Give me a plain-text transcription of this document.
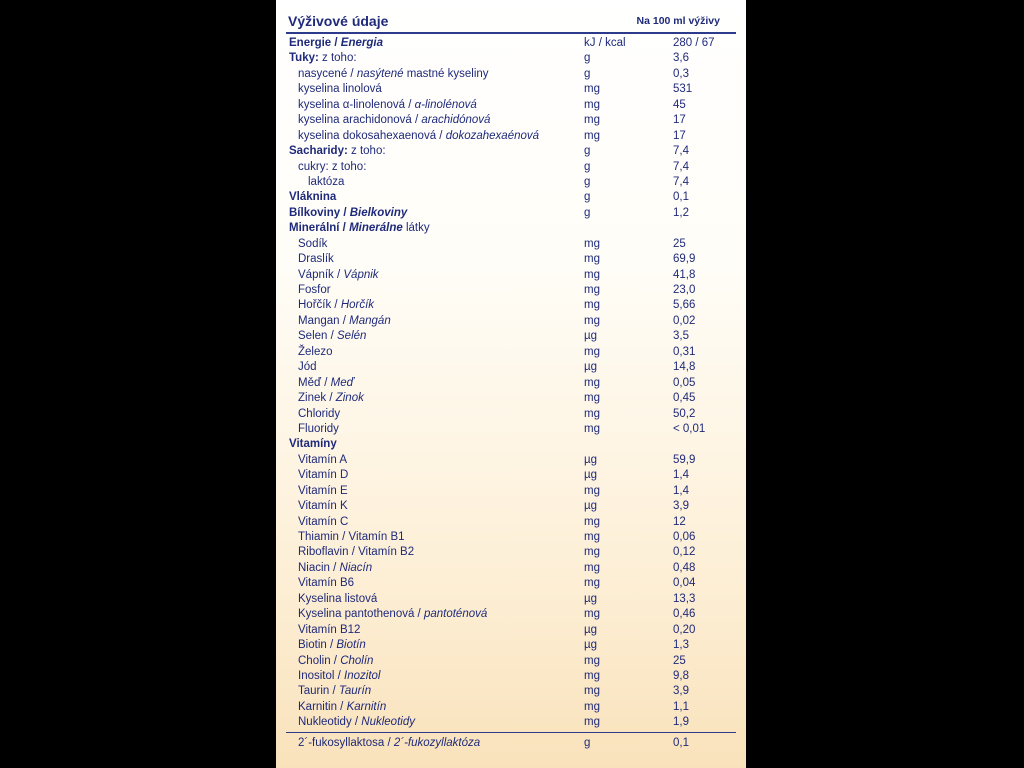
Výživové údaje	Na 100 ml výživy
Energie / Energia	kJ / kcal	280 / 67
Tuky: z toho:	g	3,6
nasycené / nasýtené mastné kyseliny	g	0,3
kyselina linolová	mg	531
kyselina α-linolenová / α-linolénová	mg	45
kyselina arachidonová / arachidónová	mg	17
kyselina dokosahexaenová / dokozahexaénová	mg	17
Sacharidy: z toho:	g	7,4
cukry: z toho:	g	7,4
laktóza	g	7,4
Vláknina	g	0,1
Bílkoviny / Bielkoviny	g	1,2
Minerální / Minerálne látky
Sodík	mg	25
Draslík	mg	69,9
Vápník / Vápnik	mg	41,8
Fosfor	mg	23,0
Hořčík / Horčík	mg	5,66
Mangan / Mangán	mg	0,02
Selen / Selén	µg	3,5
Železo	mg	0,31
Jód	µg	14,8
Měď / Meď	mg	0,05
Zinek / Zinok	mg	0,45
Chloridy	mg	50,2
Fluoridy	mg	< 0,01
Vitamíny
Vitamín A	µg	59,9
Vitamín D	µg	1,4
Vitamín E	mg	1,4
Vitamín K	µg	3,9
Vitamín C	mg	12
Thiamin / Vitamín B1	mg	0,06
Riboflavin / Vitamín B2	mg	0,12
Niacin / Niacín	mg	0,48
Vitamín B6	mg	0,04
Kyselina listová	µg	13,3
Kyselina pantothenová / pantoténová	mg	0,46
Vitamín B12	µg	0,20
Biotin / Biotín	µg	1,3
Cholin / Cholín	mg	25
Inositol / Inozitol	mg	9,8
Taurin / Taurín	mg	3,9
Karnitin / Karnitín	mg	1,1
Nukleotidy / Nukleotidy	mg	1,9
2´-fukosyllaktosa / 2´-fukozyllaktóza	g	0,1
